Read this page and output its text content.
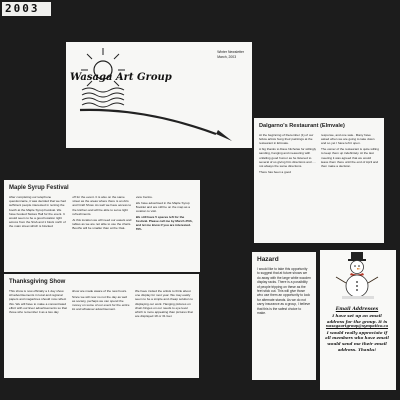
2003
Winter Newsletter
March, 2003
Wasaga Art Group
Dalgarno's Restaurant (Elmvale)

At the beginning of December (1) of our fellow artists hung their paintings at the restaurant in Elmvale.

A big thanks to Dave Nicholas for willingly sanding, hanging and measuring with unfailing good humor as he listened to several of us giving him directions and .... not always the same directions.

There has been a good

response, and one sale.. Many have asked when we are going to take down and so yet I have left it open.

The owner of the restaurant is quite willing to keep them up indefinitely. At the last meeting it was agreed that we would leave them there until the end of April and then make a decision.

Maple Syrup Festival

After completing our telephone questionnaire, it was decided that we had sufficient people interested in renting the booth at the Maple Syrup Festival. We have booked Stokes Hall for the event. It would seem to be a good location right across from the SGA and 1 block north of the main street which is blocked

off for the event. It is also on the same street as the areas where there is an Arts and Craft Show. As well we have access to the kitchen and will be able to serve light refreshments.

At this location we will need our easels and tables as we are not able to use the chairs. Booths will be smaller than at the Oak-

view Centre.

We have advertised in the Maple Syrup Booklet and are still be on the map as a location to visit.

We still have 5 spaces left for the Festival. Please call me by March 25th, and let me know if you are interested. 705-

Thanksgiving Show

This show is now officially a 1 day show. All advertisements in local and regional papers and magazines should now reflect this. We will have to make a concentrated effort with our Ever advertisements so that those who remember it as a two day

show are made aware of the new hours.

Since we will now no not the day as well as society, perhaps we can spend the money on some of our event for the entire lot and whatever advertisement.

We have invited the artists to think about one display for next year. We may easily seem to be a simple and cheap solution to displaying our work. Hanging pictures on chain hinges on our needs to eye level which is more appealing than pictures that are displayed 18 or 31 feet

Hazard

I would like to take this opportunity to suggest that at future shows we do away with the large white wooden display racks. There is a possibility of people tripping on these as the feet stick out. This will give those who use them an opportunity to look for alternate stands. As we do not carry insurance as a group, I believe that this is the safest choice to make.

Email Addresses
I have set up an email address for the group. It is
wasagaartgroup@sympatico.ca
I would really appreciate if all members who have email would send me their email address. Thanks!
